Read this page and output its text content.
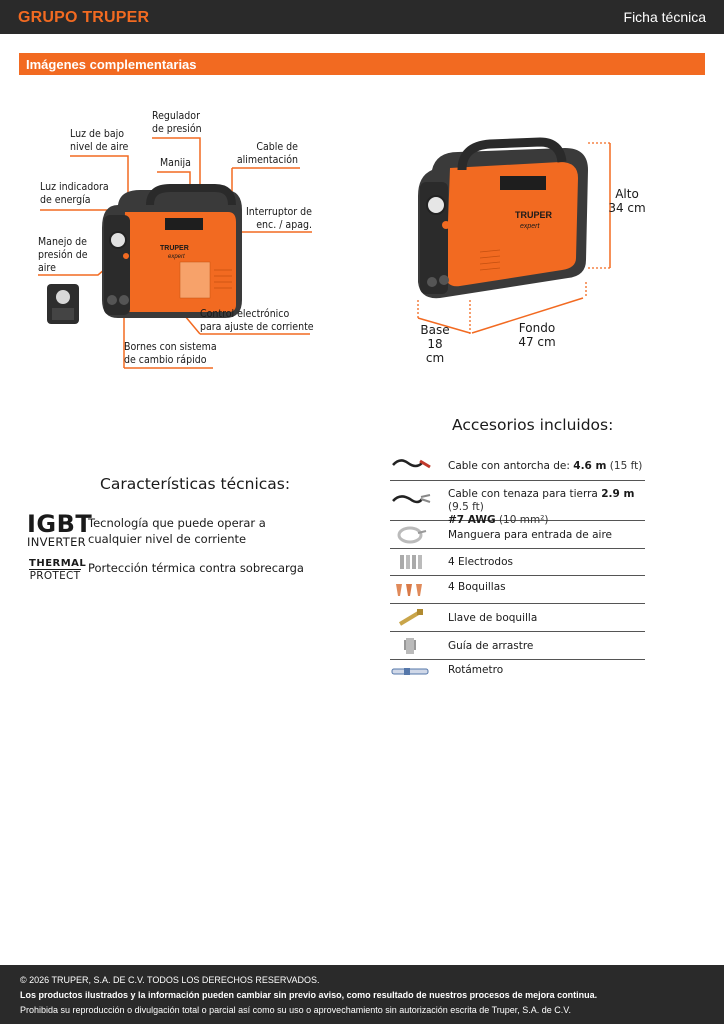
GRUPO TRUPER	Ficha técnica
Imágenes complementarias
TRUPER
expert
Luz de bajo
nivel de aire
Regulador
de presión
Cable de
alimentación
Manija
Luz indicadora
de energía
Interruptor de
enc. / apag.
Manejo de
presión de
aire
Control electrónico
para ajuste de corriente
Bornes con sistema
de cambio rápido
TRUPER
expert
Alto
34 cm
Base
18 cm
Fondo
47 cm
Características técnicas:
IGBT
INVERTER
Tecnología que puede operar a
cualquier nivel de corriente
THERMAL
PROTECT
Portección térmica contra sobrecarga
Accesorios incluidos:
Cable con antorcha de: 4.6 m (15 ft)
Cable con tenaza para tierra 2.9 m (9.5 ft)
#7 AWG (10 mm²)
Manguera para entrada de aire
4 Electrodos
4 Boquillas
Llave de boquilla
Guía de arrastre
Rotámetro
© 2026 TRUPER, S.A. DE C.V. TODOS LOS DERECHOS RESERVADOS.
Los productos ilustrados y la información pueden cambiar sin previo aviso, como resultado de nuestros procesos de mejora continua.
Prohibida su reproducción o divulgación total o parcial así como su uso o aprovechamiento sin autorización escrita de Truper, S.A. de C.V.
